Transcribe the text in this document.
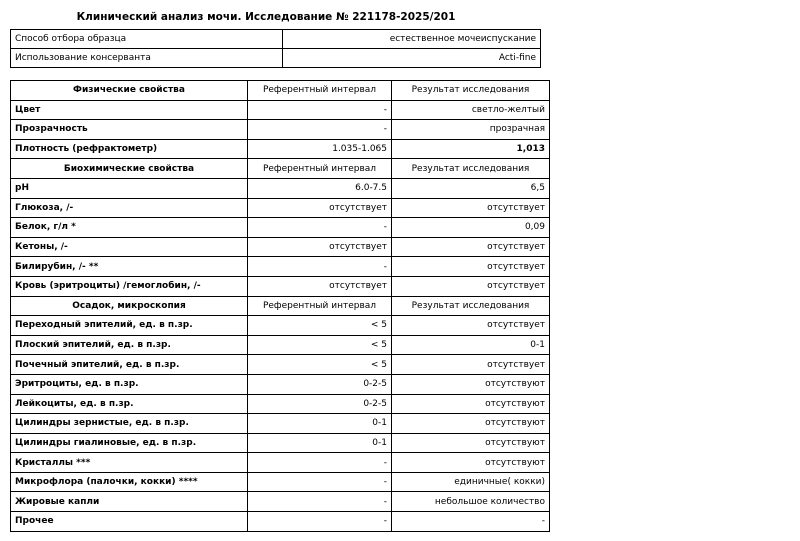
Клинический анализ мочи. Исследование № 221178-2025/201
Способ отбора образца	естественное мочеиспускание
Использование консерванта	Acti-fine
Физические свойства	Референтный интервал	Результат исследования
Цвет	-	светло-желтый
Прозрачность	-	прозрачная
Плотность (рефрактометр)	1.035-1.065	1,013
Биохимические свойства	Референтный интервал	Результат исследования
pH	6.0-7.5	6,5
Глюкоза, /-	отсутствует	отсутствует
Белок, г/л *	-	0,09
Кетоны, /-	отсутствует	отсутствует
Билирубин, /- **	-	отсутствует
Кровь (эритроциты) /гемоглобин, /-	отсутствует	отсутствует
Осадок, микроскопия	Референтный интервал	Результат исследования
Переходный эпителий, ед. в п.зр.	< 5	отсутствует
Плоский эпителий, ед. в п.зр.	< 5	0-1
Почечный эпителий, ед. в п.зр.	< 5	отсутствует
Эритроциты, ед. в п.зр.	0-2-5	отсутствуют
Лейкоциты, ед. в п.зр.	0-2-5	отсутствуют
Цилиндры зернистые, ед. в п.зр.	0-1	отсутствуют
Цилиндры гиалиновые, ед. в п.зр.	0-1	отсутствуют
Кристаллы ***	-	отсутствуют
Микрофлора (палочки, кокки) ****	-	единичные( кокки)
Жировые капли	-	небольшое количество
Прочее	-	-
